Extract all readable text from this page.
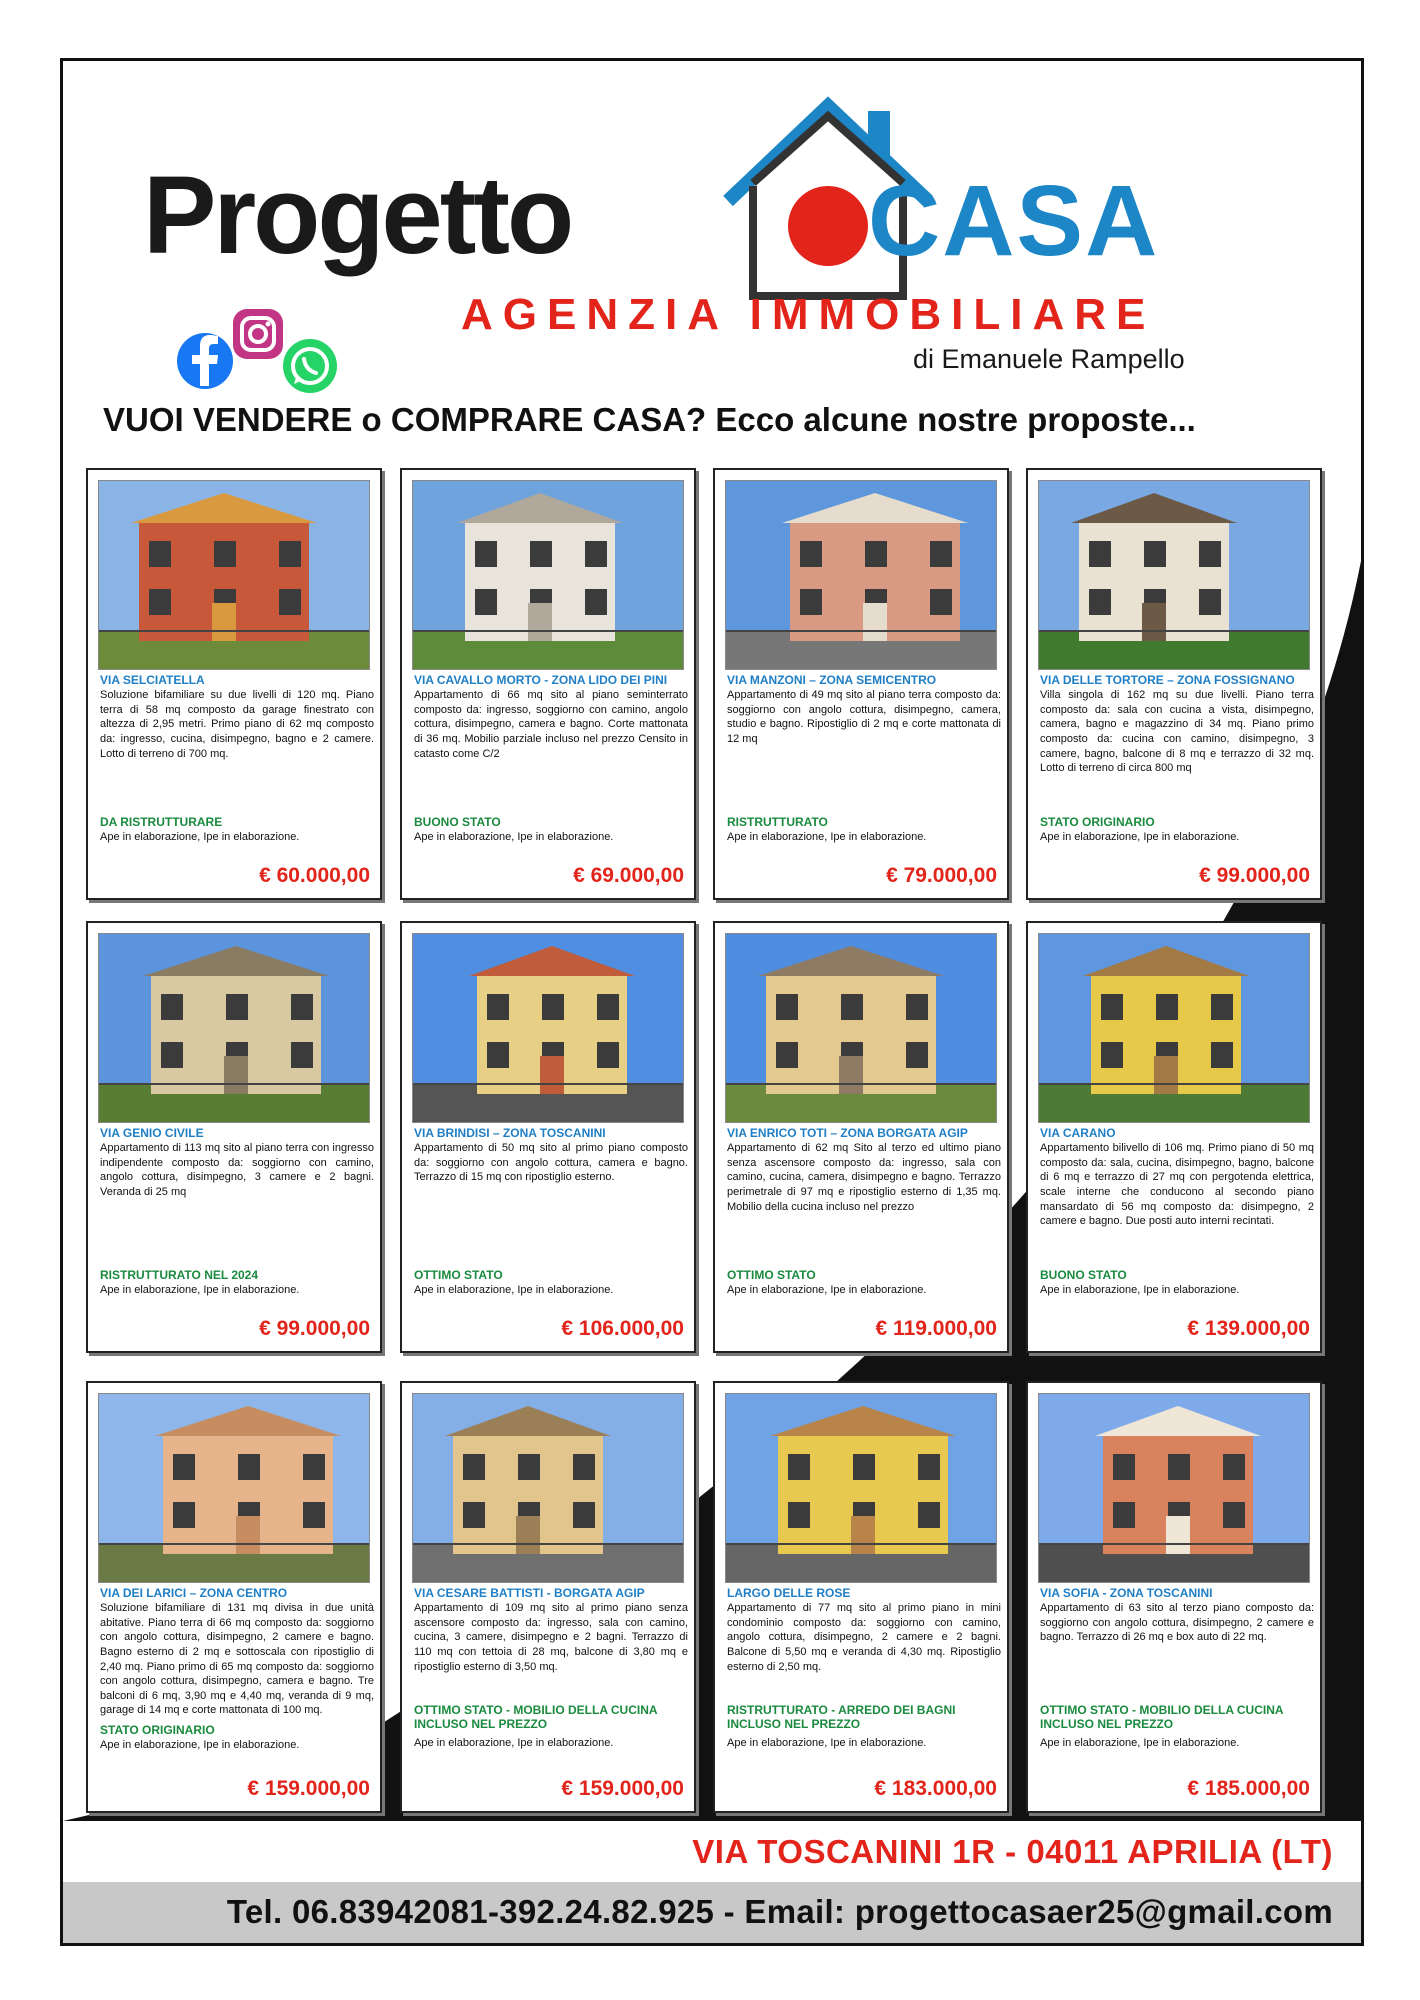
Progetto	CASA
AGENZIA IMMOBILIARE
di Emanuele Rampello
VUOI VENDERE o COMPRARE CASA? Ecco alcune nostre proposte...
VIA SELCIATELLA
Soluzione bifamiliare su due livelli di 120 mq. Piano terra di 58 mq composto da garage finestrato con altezza di 2,95 metri. Primo piano di 62 mq composto da: ingresso, cucina, disimpegno, bagno e 2 camere. Lotto di terreno di 700 mq.
DA RISTRUTTURARE
Ape in elaborazione, Ipe in elaborazione.
€ 60.000,00
VIA CAVALLO MORTO - ZONA LIDO DEI PINI
Appartamento di 66 mq sito al piano seminterrato composto da: ingresso, soggiorno con camino, angolo cottura, disimpegno, camera e bagno. Corte mattonata di 36 mq. Mobilio parziale incluso nel prezzo Censito in catasto come C/2
BUONO STATO
Ape in elaborazione, Ipe in elaborazione.
€ 69.000,00
VIA MANZONI – ZONA SEMICENTRO
Appartamento di 49 mq sito al piano terra composto da: soggiorno con angolo cottura, disimpegno, camera, studio e bagno. Ripostiglio di 2 mq e corte mattonata di 12 mq
RISTRUTTURATO
Ape in elaborazione, Ipe in elaborazione.
€ 79.000,00
VIA DELLE TORTORE – ZONA FOSSIGNANO
Villa singola di 162 mq su due livelli. Piano terra composto da: sala con cucina a vista, disimpegno, camera, bagno e magazzino di 34 mq. Piano primo composto da: cucina con camino, disimpegno, 3 camere, bagno, balcone di 8 mq e terrazzo di 32 mq. Lotto di terreno di circa 800 mq
STATO ORIGINARIO
Ape in elaborazione, Ipe in elaborazione.
€ 99.000,00
VIA GENIO CIVILE
Appartamento di 113 mq sito al piano terra con ingresso indipendente composto da: soggiorno con camino, angolo cottura, disimpegno, 3 camere e 2 bagni. Veranda di 25 mq
RISTRUTTURATO NEL 2024
Ape in elaborazione, Ipe in elaborazione.
€ 99.000,00
VIA BRINDISI – ZONA TOSCANINI
Appartamento di 50 mq sito al primo piano composto da: soggiorno con angolo cottura, camera e bagno. Terrazzo di 15 mq con ripostiglio esterno.
OTTIMO STATO
Ape in elaborazione, Ipe in elaborazione.
€ 106.000,00
VIA ENRICO TOTI – ZONA BORGATA AGIP
Appartamento di 62 mq Sito al terzo ed ultimo piano senza ascensore composto da: ingresso, sala con camino, cucina, camera, disimpegno e bagno. Terrazzo perimetrale di 97 mq e ripostiglio esterno di 1,35 mq. Mobilio della cucina incluso nel prezzo
OTTIMO STATO
Ape in elaborazione, Ipe in elaborazione.
€ 119.000,00
VIA CARANO
Appartamento bilivello di 106 mq. Primo piano di 50 mq composto da: sala, cucina, disimpegno, bagno, balcone di 6 mq e terrazzo di 27 mq con pergotenda elettrica, scale interne che conducono al secondo piano mansardato di 56 mq composto da: disimpegno, 2 camere e bagno. Due posti auto interni recintati.
BUONO STATO
Ape in elaborazione, Ipe in elaborazione.
€ 139.000,00
VIA DEI LARICI – ZONA CENTRO
Soluzione bifamiliare di 131 mq divisa in due unità abitative. Piano terra di 66 mq composto da: soggiorno con angolo cottura, disimpegno, 2 camere e bagno. Bagno esterno di 2 mq e sottoscala con ripostiglio di 2,40 mq. Piano primo di 65 mq composto da: soggiorno con angolo cottura, disimpegno, camera e bagno. Tre balconi di 6 mq, 3,90 mq e 4,40 mq, veranda di 9 mq, garage di 14 mq e corte mattonata di 100 mq.
STATO ORIGINARIO
Ape in elaborazione, Ipe in elaborazione.
€ 159.000,00
VIA CESARE BATTISTI - BORGATA AGIP
Appartamento di 109 mq sito al primo piano senza ascensore composto da: ingresso, sala con camino, cucina, 3 camere, disimpegno e 2 bagni. Terrazzo di 110 mq con tettoia di 28 mq, balcone di 3,80 mq e ripostiglio esterno di 3,50 mq.
OTTIMO STATO - MOBILIO DELLA CUCINA INCLUSO NEL PREZZO
Ape in elaborazione, Ipe in elaborazione.
€ 159.000,00
LARGO DELLE ROSE
Appartamento di 77 mq sito al primo piano in mini condominio composto da: soggiorno con camino, angolo cottura, disimpegno, 2 camere e 2 bagni. Balcone di 5,50 mq e veranda di 4,30 mq. Ripostiglio esterno di 2,50 mq.
RISTRUTTURATO - ARREDO DEI BAGNI INCLUSO NEL PREZZO
Ape in elaborazione, Ipe in elaborazione.
€ 183.000,00
VIA SOFIA - ZONA TOSCANINI
Appartamento di 63 sito al terzo piano composto da: soggiorno con angolo cottura, disimpegno, 2 camere e bagno. Terrazzo di 26 mq e box auto di 22 mq.
OTTIMO STATO - MOBILIO DELLA CUCINA INCLUSO NEL PREZZO
Ape in elaborazione, Ipe in elaborazione.
€ 185.000,00
VIA TOSCANINI 1R - 04011 APRILIA (LT)
Tel. 06.83942081-392.24.82.925 - Email: progettocasaer25@gmail.com
